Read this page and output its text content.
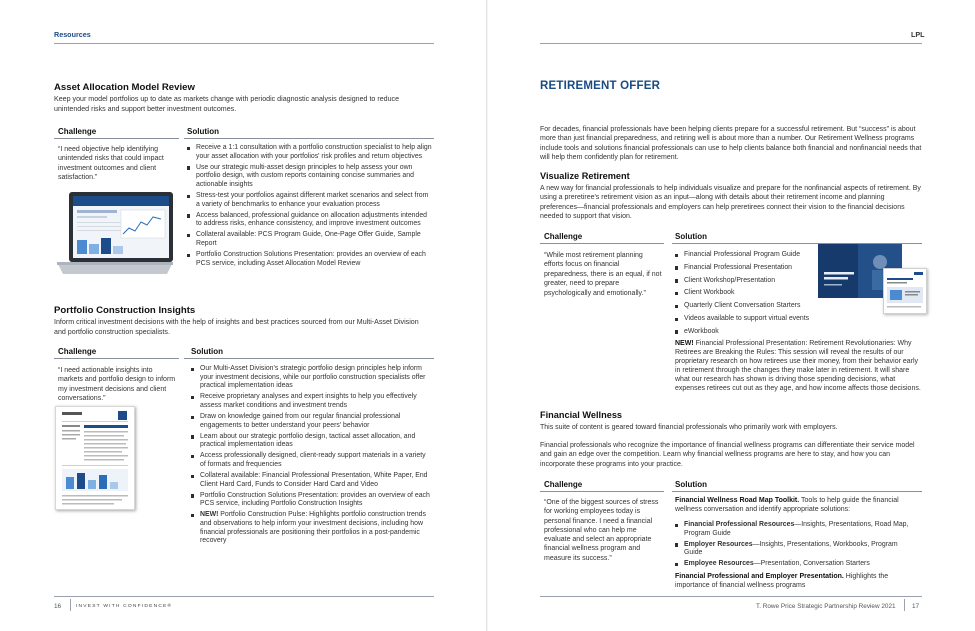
Resources
Asset Allocation Model Review
Keep your model portfolios up to date as markets change with periodic diagnostic analysis designed to reduce unintended risks and support better investment outcomes.
Challenge	Solution
“I need objective help identifying unintended risks that could impact investment outcomes and client satisfaction.”
Receive a 1:1 consultation with a portfolio construction specialist to help align your asset allocation with your portfolios' risk profiles and return objectives
Use our strategic multi-asset design principles to help assess your own portfolio design, with custom reports containing concise summaries and actionable insights
Stress-test your portfolios against different market scenarios and select from a variety of benchmarks to enhance your evaluation process
Access balanced, professional guidance on allocation adjustments intended to address risks, enhance consistency, and improve investment outcomes
Collateral available: PCS Program Guide, One-Page Offer Guide, Sample Report
Portfolio Construction Solutions Presentation: provides an overview of each PCS service, including Asset Allocation Model Review
Portfolio Construction Insights
Inform critical investment decisions with the help of insights and best practices sourced from our Multi-Asset Division and portfolio construction specialists.
Challenge	Solution
“I need actionable insights into markets and portfolio design to inform my investment decisions and client conversations.”
Our Multi-Asset Division's strategic portfolio design principles help inform your investment decisions, while our portfolio construction specialists offer practical implementation ideas
Receive proprietary analyses and expert insights to help you effectively assess market conditions and investment trends
Draw on knowledge gained from our regular financial professional engagements to better understand your peers' behavior
Learn about our strategic portfolio design, tactical asset allocation, and practical implementation ideas
Access professionally designed, client-ready support materials in a variety of formats and frequencies
Collateral available: Financial Professional Presentation, White Paper, End Client Hard Card, Funds to Consider Hard Card and Video
Portfolio Construction Solutions Presentation: provides an overview of each PCS service, including Portfolio Construction Insights
NEW! Portfolio Construction Pulse: Highlights portfolio construction trends and observations to help inform your investment decisions, including how financial professionals are positioning their portfolios in a post-pandemic recovery
16	INVEST WITH CONFIDENCE®
LPL
RETIREMENT OFFER
For decades, financial professionals have been helping clients prepare for a successful retirement. But “success” is about more than just financial preparedness, and retiring well is about more than a number. Our Retirement Wellness programs include tools and solutions financial professionals can use to help clients balance both financial and nonfinancial needs that will help them confidently plan for retirement.
Visualize Retirement
A new way for financial professionals to help individuals visualize and prepare for the nonfinancial aspects of retirement. By using a preretiree's retirement vision as an input—along with details about their retirement income and planning preferences—financial professionals and employers can help preretirees connect their vision to the financial decisions needed to support that vision.
Challenge	Solution
“While most retirement planning efforts focus on financial preparedness, there is an equal, if not greater, need to prepare psychologically and emotionally.”
Financial Professional Program Guide
Financial Professional Presentation
Client Workshop/Presentation
Client Workbook
Quarterly Client Conversation Starters
Videos available to support virtual events
eWorkbook
NEW! Financial Professional Presentation: Retirement Revolutionaries: Why Retirees are Breaking the Rules: This session will reveal the results of our proprietary research on how retirees use their money, from their behavior early in retirement through the changes they make later in retirement. It will share what our research has shown is driving those spending decisions, what expenses retirees cut out as they age, and how income affects those decisions.
Financial Wellness
This suite of content is geared toward financial professionals who primarily work with employers.
Financial professionals who recognize the importance of financial wellness programs can differentiate their service model and gain an edge over the competition. Learn why financial wellness programs are here to stay, and how you can incorporate these programs into your practice.
Challenge	Solution
“One of the biggest sources of stress for working employees today is personal finance. I need a financial professional who can help me evaluate and select an appropriate financial wellness program and measure its success.”
Financial Wellness Road Map Toolkit. Tools to help guide the financial wellness conversation and identify appropriate solutions:
Financial Professional Resources—Insights, Presentations, Road Map, Program Guide
Employer Resources—Insights, Presentations, Workbooks, Program Guide
Employee Resources—Presentation, Conversation Starters
Financial Professional and Employer Presentation. Highlights the importance of financial wellness programs
T. Rowe Price Strategic Partnership Review 2021	17
